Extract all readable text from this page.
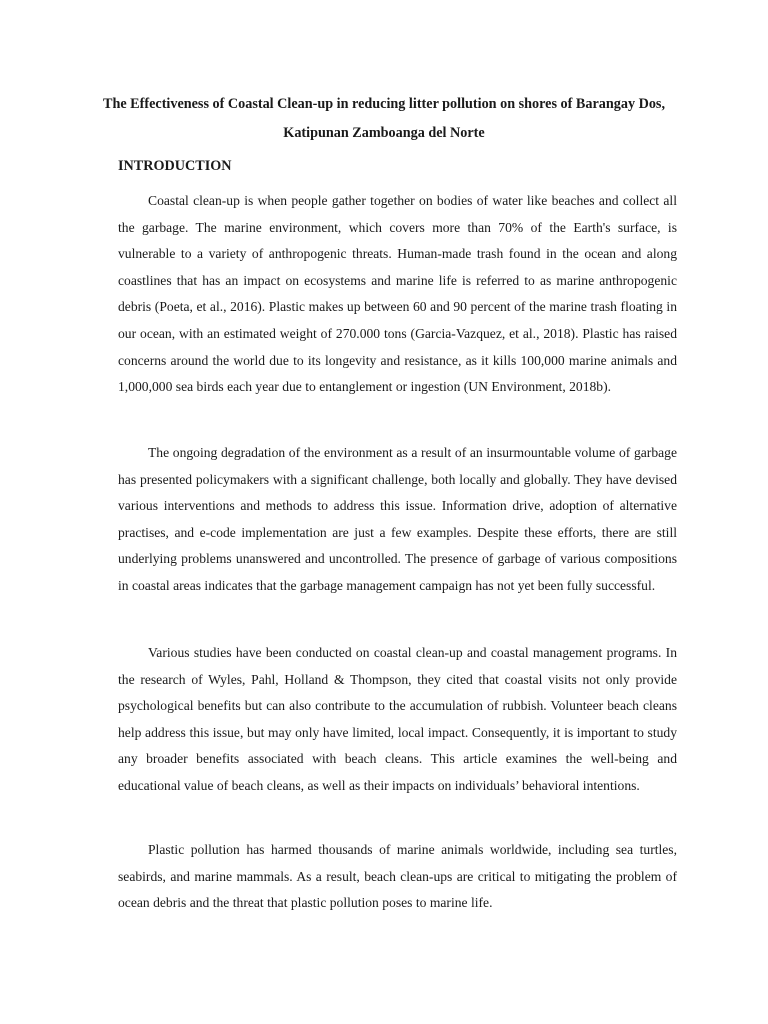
The Effectiveness of Coastal Clean-up in reducing litter pollution on shores of Barangay Dos, Katipunan Zamboanga del Norte

INTRODUCTION

Coastal clean-up is when people gather together on bodies of water like beaches and collect all the garbage. The marine environment, which covers more than 70% of the Earth's surface, is vulnerable to a variety of anthropogenic threats. Human-made trash found in the ocean and along coastlines that has an impact on ecosystems and marine life is referred to as marine anthropogenic debris (Poeta, et al., 2016). Plastic makes up between 60 and 90 percent of the marine trash floating in our ocean, with an estimated weight of 270.000 tons (Garcia-Vazquez, et al., 2018). Plastic has raised concerns around the world due to its longevity and resistance, as it kills 100,000 marine animals and 1,000,000 sea birds each year due to entanglement or ingestion (UN Environment, 2018b).

The ongoing degradation of the environment as a result of an insurmountable volume of garbage has presented policymakers with a significant challenge, both locally and globally. They have devised various interventions and methods to address this issue. Information drive, adoption of alternative practises, and e-code implementation are just a few examples. Despite these efforts, there are still underlying problems unanswered and uncontrolled. The presence of garbage of various compositions in coastal areas indicates that the garbage management campaign has not yet been fully successful.

Various studies have been conducted on coastal clean-up and coastal management programs. In the research of Wyles, Pahl, Holland & Thompson, they cited that coastal visits not only provide psychological benefits but can also contribute to the accumulation of rubbish. Volunteer beach cleans help address this issue, but may only have limited, local impact. Consequently, it is important to study any broader benefits associated with beach cleans. This article examines the well-being and educational value of beach cleans, as well as their impacts on individuals’ behavioral intentions.

Plastic pollution has harmed thousands of marine animals worldwide, including sea turtles, seabirds, and marine mammals. As a result, beach clean-ups are critical to mitigating the problem of ocean debris and the threat that plastic pollution poses to marine life.
